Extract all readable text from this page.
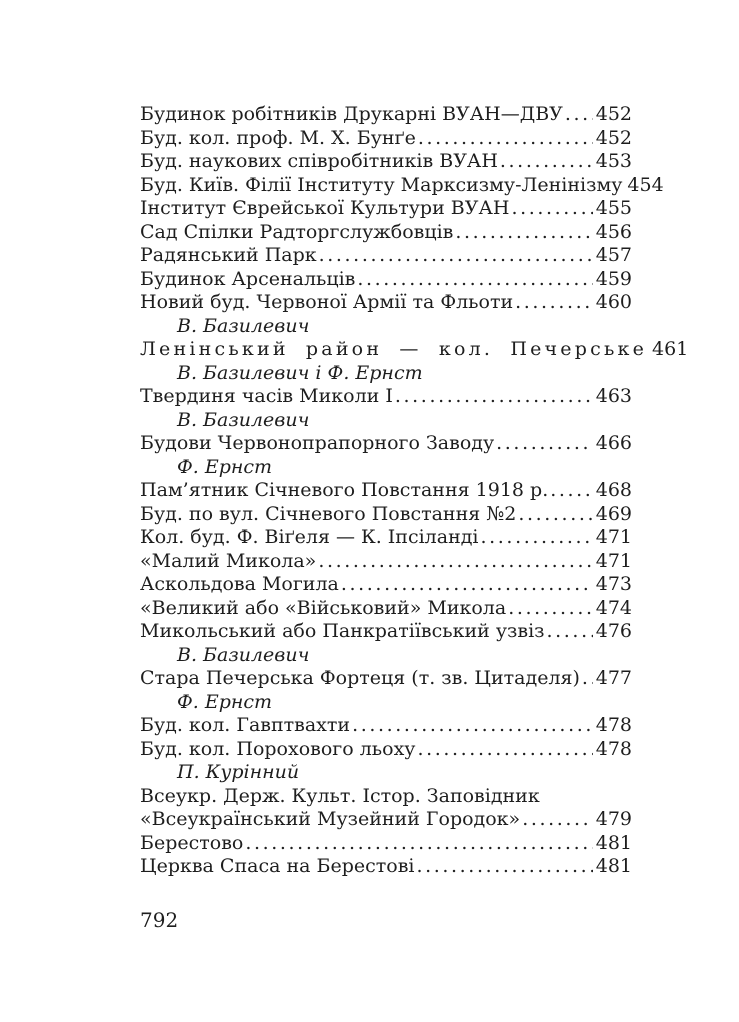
Будинок робітників Друкарні ВУАН—ДВУ ..... 452
Буд. кол. проф. М. Х. Бунґе .....	452
Буд. наукових співробітників ВУАН .....	453
Буд. Київ. Філії Інституту Марксизму-Ленінізму 454
Інститут Єврейської Культури ВУАН .....	455
Сад Спілки Радторгслужбовців .....	456
Радянський Парк .....	457
Будинок Арсенальців .....	459
Новий буд. Червоної Армії та Фльоти .....	460
В. Базилевич
Ленінський район — кол. Печерське 461
В. Базилевич і Ф. Ернст
Твердиня часів Миколи І .....	463
В. Базилевич
Будови Червонопрапорного Заводу .....	466
Ф. Ернст
Пам’ятник Січневого Повстання 1918 р. ..... 468
Буд. по вул. Січневого Повстання №2 .....	469
Кол. буд. Ф. Віґеля — К. Іпсіланді .....	471
«Малий Микола» .....	471
Аскольдова Могила .....	473
«Великий або «Військовий» Микола .....	474
Микольський або Панкратіївський узвіз .....	476
В. Базилевич
Стара Печерська Фортеця (т. зв. Цитаделя) ..... 477
Ф. Ернст
Буд. кол. Гавптвахти .....	478
Буд. кол. Порохового льоху .....	478
П. Курінний
Всеукр. Держ. Культ. Істор. Заповідник
«Всеукраїнський Музейний Городок» .....	479
Берестово .....	481
Церква Спаса на Берестові .....	481
792
